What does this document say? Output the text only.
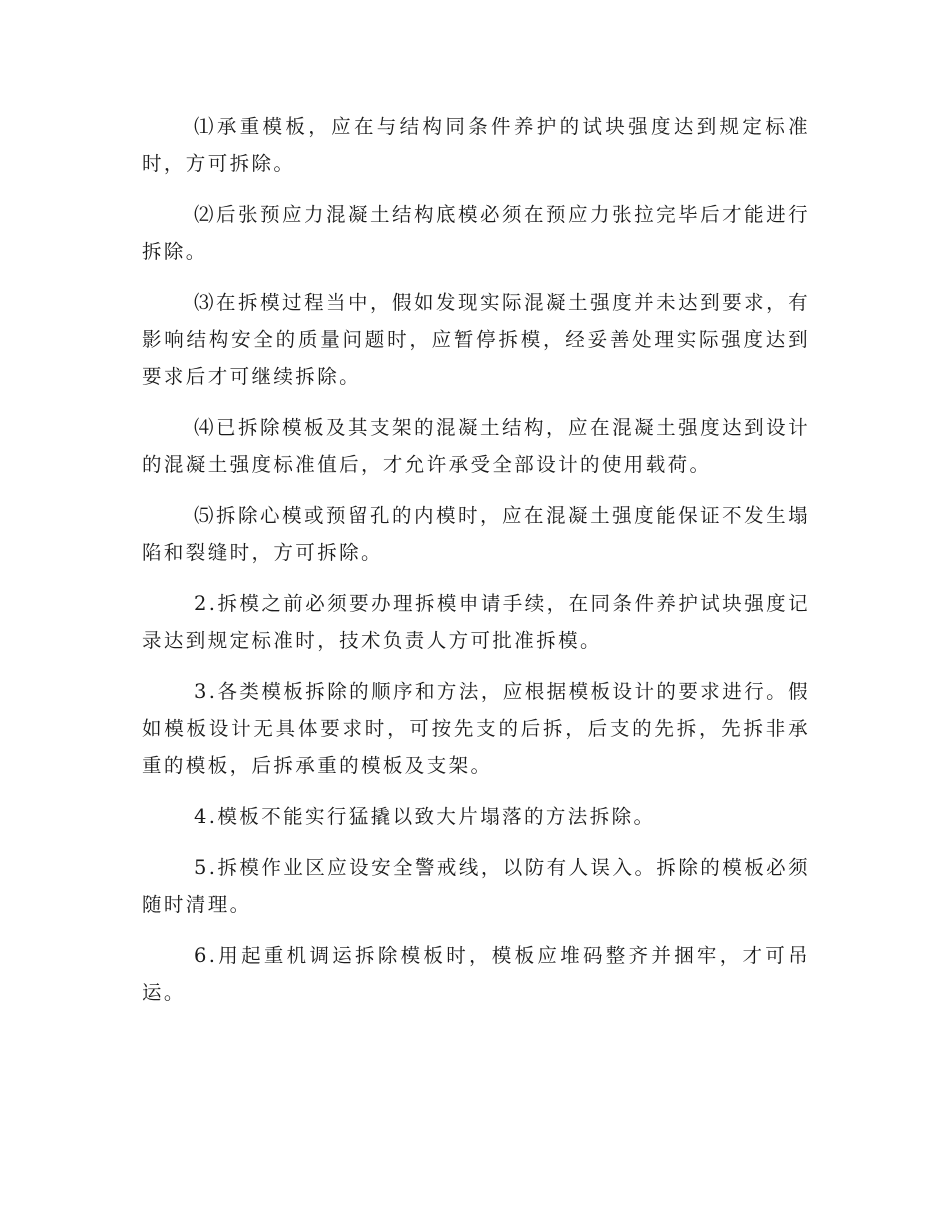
⑴承重模板，应在与结构同条件养护的试块强度达到规定标准时，方可拆除。

⑵后张预应力混凝土结构底模必须在预应力张拉完毕后才能进行拆除。

⑶在拆模过程当中，假如发现实际混凝土强度并未达到要求，有影响结构安全的质量问题时，应暂停拆模，经妥善处理实际强度达到要求后才可继续拆除。

⑷已拆除模板及其支架的混凝土结构，应在混凝土强度达到设计的混凝土强度标准值后，才允许承受全部设计的使用载荷。

⑸拆除心模或预留孔的内模时，应在混凝土强度能保证不发生塌陷和裂缝时，方可拆除。

2.拆模之前必须要办理拆模申请手续，在同条件养护试块强度记录达到规定标准时，技术负责人方可批准拆模。

3.各类模板拆除的顺序和方法，应根据模板设计的要求进行。假如模板设计无具体要求时，可按先支的后拆，后支的先拆，先拆非承重的模板，后拆承重的模板及支架。

4.模板不能实行猛撬以致大片塌落的方法拆除。

5.拆模作业区应设安全警戒线，以防有人误入。拆除的模板必须随时清理。

6.用起重机调运拆除模板时，模板应堆码整齐并捆牢，才可吊运。
